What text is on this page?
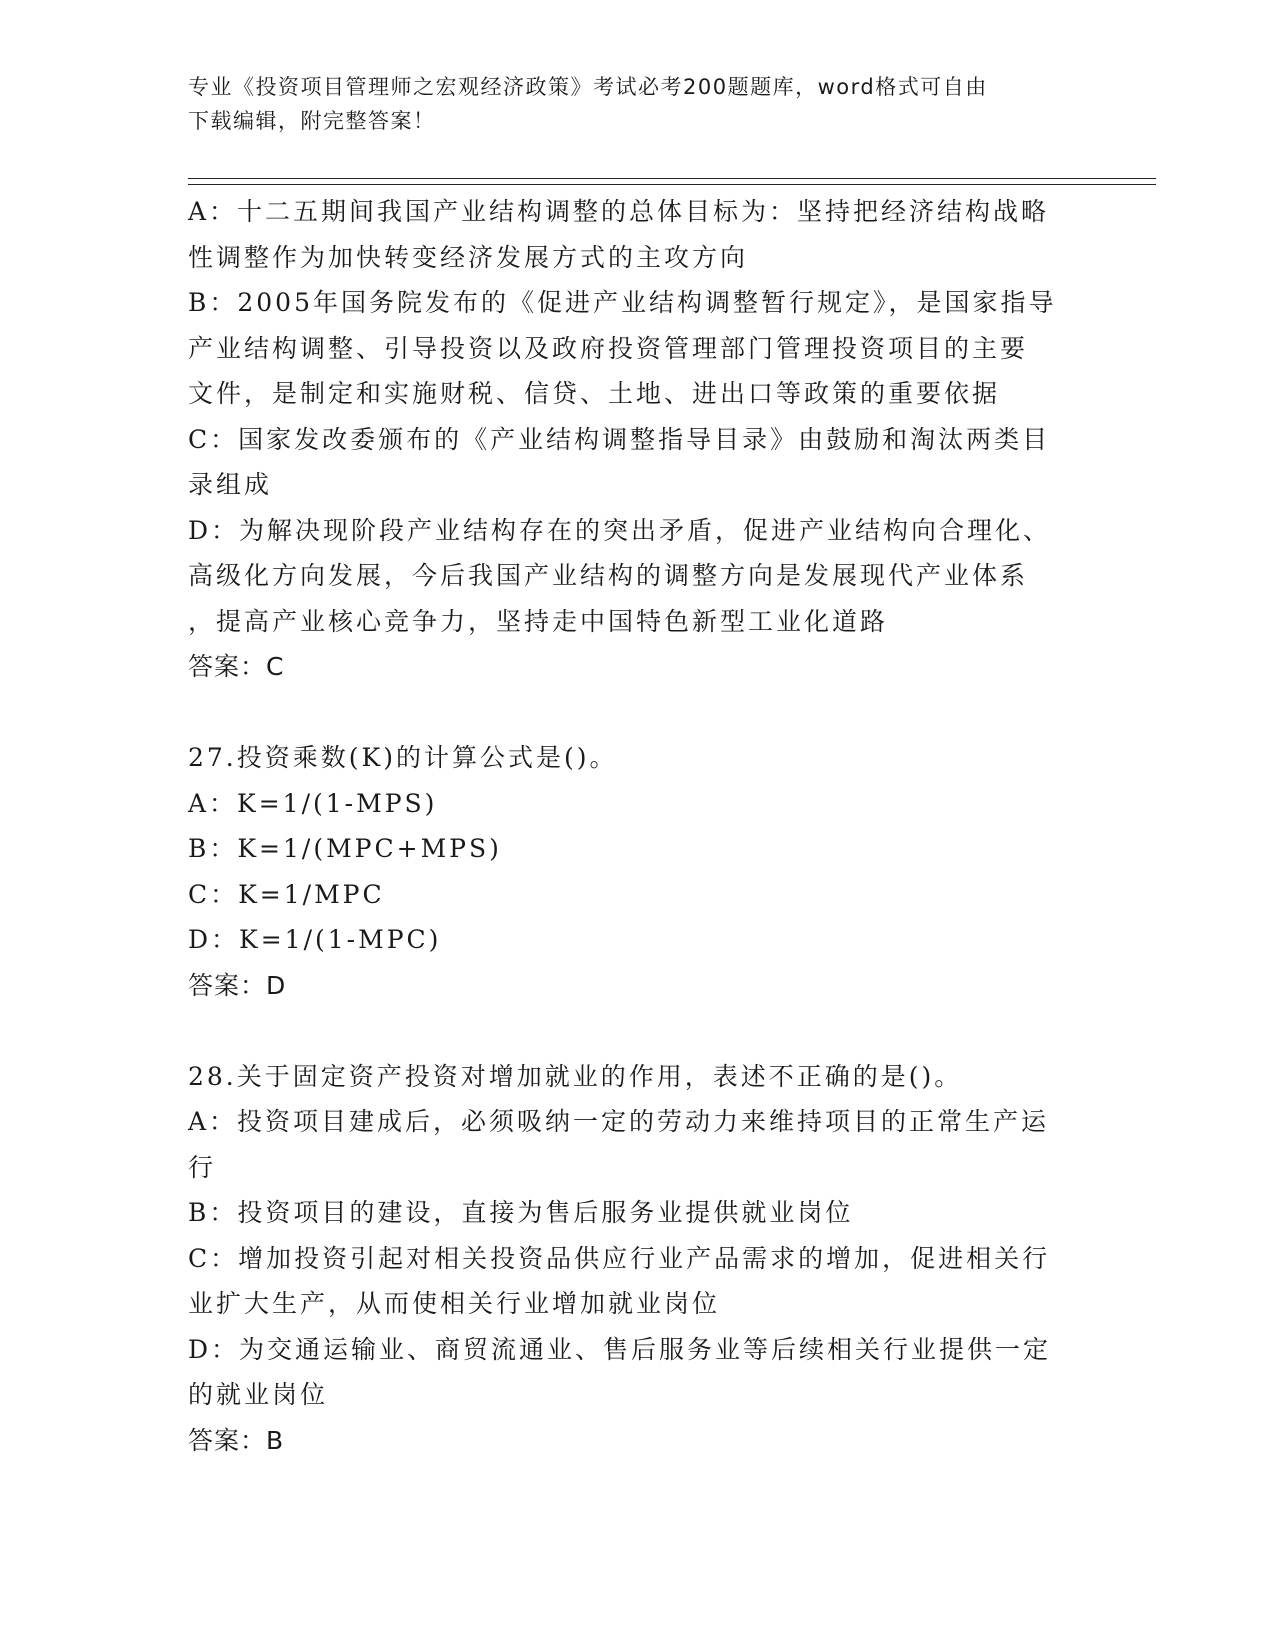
专业《投资项目管理师之宏观经济政策》考试必考200题题库，word格式可自由
下载编辑，附完整答案！
A：十二五期间我国产业结构调整的总体目标为：坚持把经济结构战略
性调整作为加快转变经济发展方式的主攻方向
B：2005年国务院发布的《促进产业结构调整暂行规定》，是国家指导
产业结构调整、引导投资以及政府投资管理部门管理投资项目的主要
文件，是制定和实施财税、信贷、土地、进出口等政策的重要依据
C：国家发改委颁布的《产业结构调整指导目录》由鼓励和淘汰两类目
录组成
D：为解决现阶段产业结构存在的突出矛盾，促进产业结构向合理化、
高级化方向发展，今后我国产业结构的调整方向是发展现代产业体系
，提高产业核心竞争力，坚持走中国特色新型工业化道路
答案：C
27.投资乘数(K)的计算公式是()。
A：K=1/(1-MPS)
B：K=1/(MPC+MPS)
C：K=1/MPC
D：K=1/(1-MPC)
答案：D
28.关于固定资产投资对增加就业的作用，表述不正确的是()。
A：投资项目建成后，必须吸纳一定的劳动力来维持项目的正常生产运
行
B：投资项目的建设，直接为售后服务业提供就业岗位
C：增加投资引起对相关投资品供应行业产品需求的增加，促进相关行
业扩大生产，从而使相关行业增加就业岗位
D：为交通运输业、商贸流通业、售后服务业等后续相关行业提供一定
的就业岗位
答案：B
